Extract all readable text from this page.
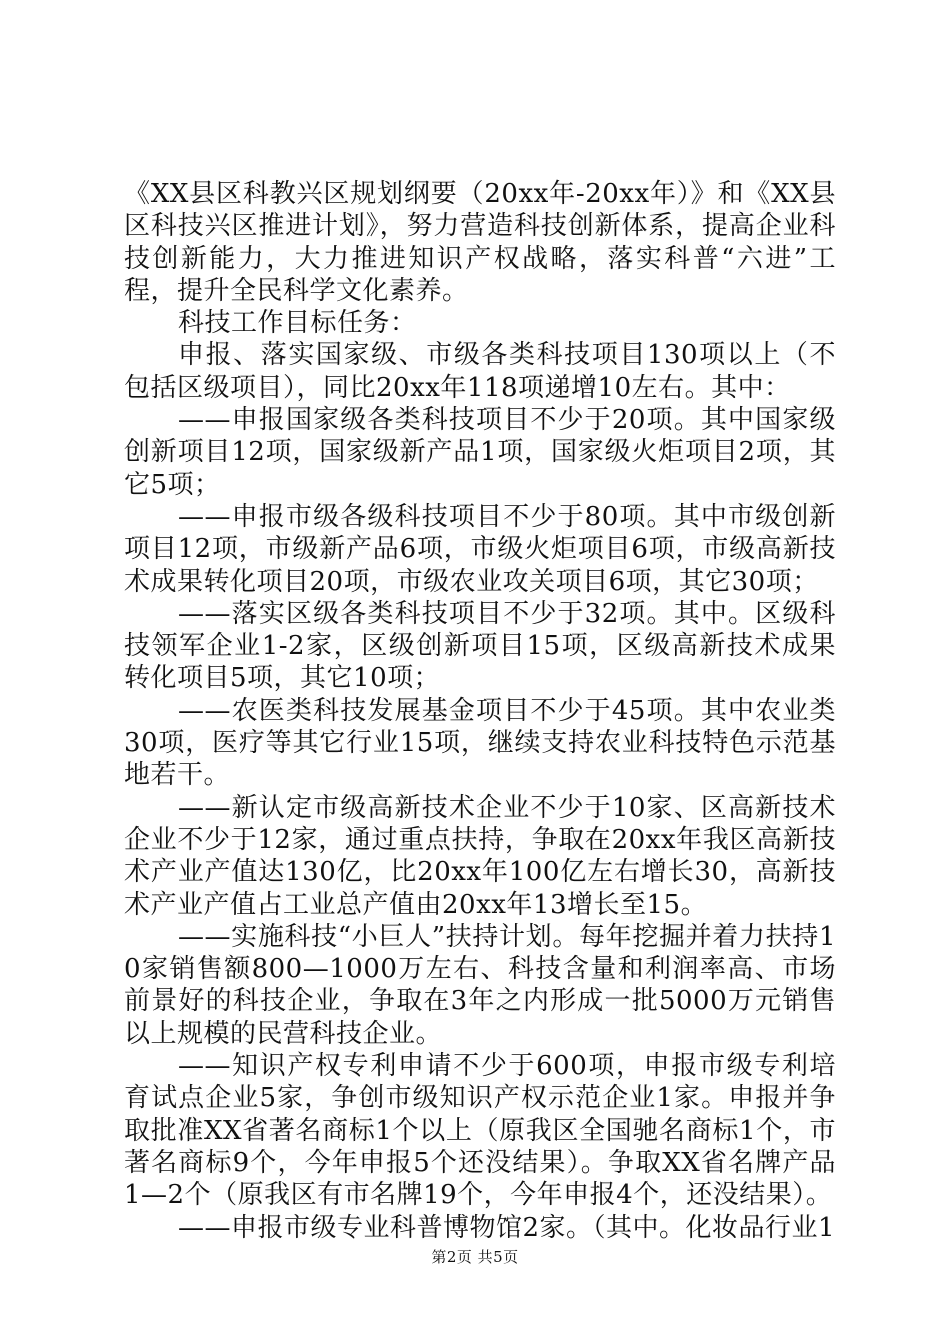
《XX县区科教兴区规划纲要（20xx年-20xx年）》和《XX县区科技兴区推进计划》，努力营造科技创新体系，提高企业科技创新能力，大力推进知识产权战略，落实科普“六进”工程，提升全民科学文化素养。

科技工作目标任务：

申报、落实国家级、市级各类科技项目130项以上（不包括区级项目），同比20xx年118项递增10左右。其中：

——申报国家级各类科技项目不少于20项。其中国家级创新项目12项，国家级新产品1项，国家级火炬项目2项，其它5项；

——申报市级各级科技项目不少于80项。其中市级创新项目12项，市级新产品6项，市级火炬项目6项，市级高新技术成果转化项目20项，市级农业攻关项目6项，其它30项；

——落实区级各类科技项目不少于32项。其中。区级科技领军企业1-2家，区级创新项目15项，区级高新技术成果转化项目5项，其它10项；

——农医类科技发展基金项目不少于45项。其中农业类30项，医疗等其它行业15项，继续支持农业科技特色示范基地若干。

——新认定市级高新技术企业不少于10家、区高新技术企业不少于12家，通过重点扶持，争取在20xx年我区高新技术产业产值达130亿，比20xx年100亿左右增长30，高新技术产业产值占工业总产值由20xx年13增长至15。

——实施科技“小巨人”扶持计划。每年挖掘并着力扶持10家销售额800—1000万左右、科技含量和利润率高、市场前景好的科技企业，争取在3年之内形成一批5000万元销售以上规模的民营科技企业。

——知识产权专利申请不少于600项，申报市级专利培育试点企业5家，争创市级知识产权示范企业1家。申报并争取批准XX省著名商标1个以上（原我区全国驰名商标1个，市著名商标9个，今年申报5个还没结果）。争取XX省名牌产品1—2个（原我区有市名牌19个，今年申报4个，还没结果）。

——申报市级专业科普博物馆2家。（其中。化妆品行业1

第2页 共5页
